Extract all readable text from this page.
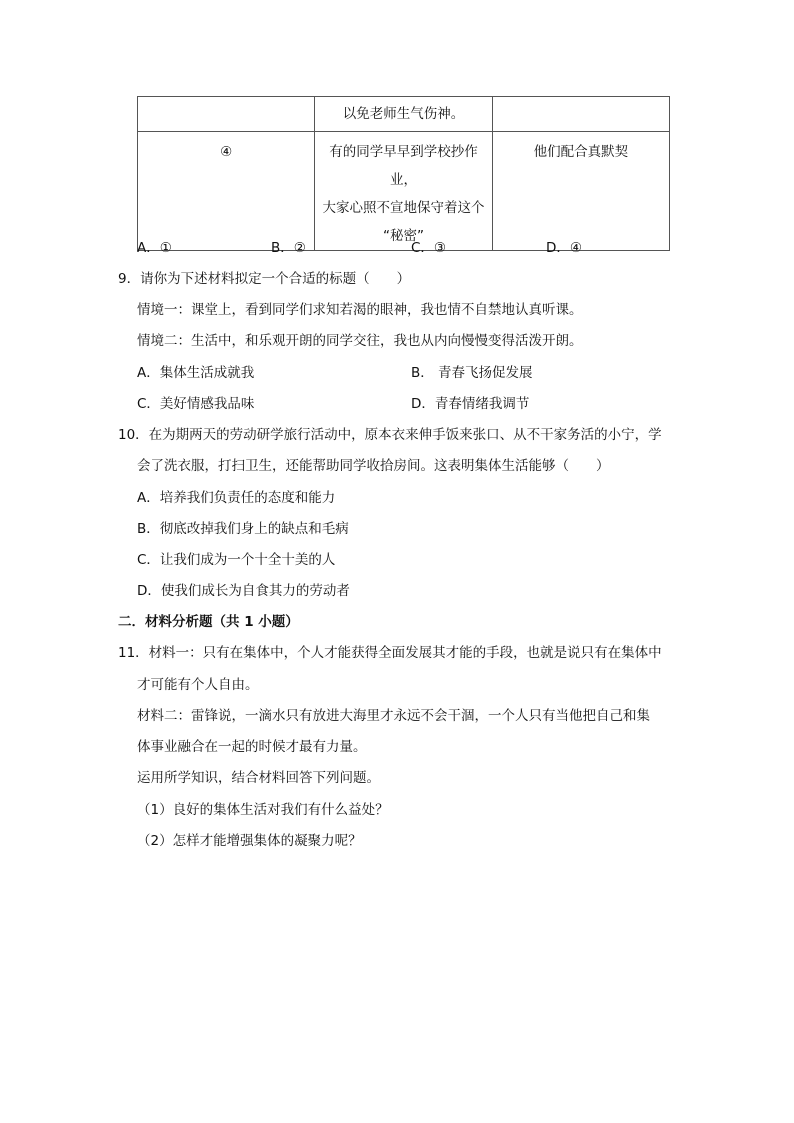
	以免老师生气伤神。	

④	有的同学早早到学校抄作业，
大家心照不宣地保守着这个
“秘密”	他们配合真默契
A．①	B．②	C．③	D．④
9．请你为下述材料拟定一个合适的标题（　　）
情境一：课堂上，看到同学们求知若渴的眼神，我也情不自禁地认真听课。
情境二：生活中，和乐观开朗的同学交往，我也从内向慢慢变得活泼开朗。
A．集体生活成就我	B． 青春飞扬促发展
C．美好情感我品味	D．青春情绪我调节
10．在为期两天的劳动研学旅行活动中，原本衣来伸手饭来张口、从不干家务活的小宁，学
会了洗衣服，打扫卫生，还能帮助同学收拾房间。这表明集体生活能够（　　）
A．培养我们负责任的态度和能力
B．彻底改掉我们身上的缺点和毛病
C．让我们成为一个十全十美的人
D．使我们成长为自食其力的劳动者
二．材料分析题（共 1 小题）
11．材料一：只有在集体中，个人才能获得全面发展其才能的手段，也就是说只有在集体中
才可能有个人自由。
材料二：雷锋说，一滴水只有放进大海里才永远不会干涸，一个人只有当他把自己和集
体事业融合在一起的时候才最有力量。
运用所学知识，结合材料回答下列问题。
（1）良好的集体生活对我们有什么益处？
（2）怎样才能增强集体的凝聚力呢？
